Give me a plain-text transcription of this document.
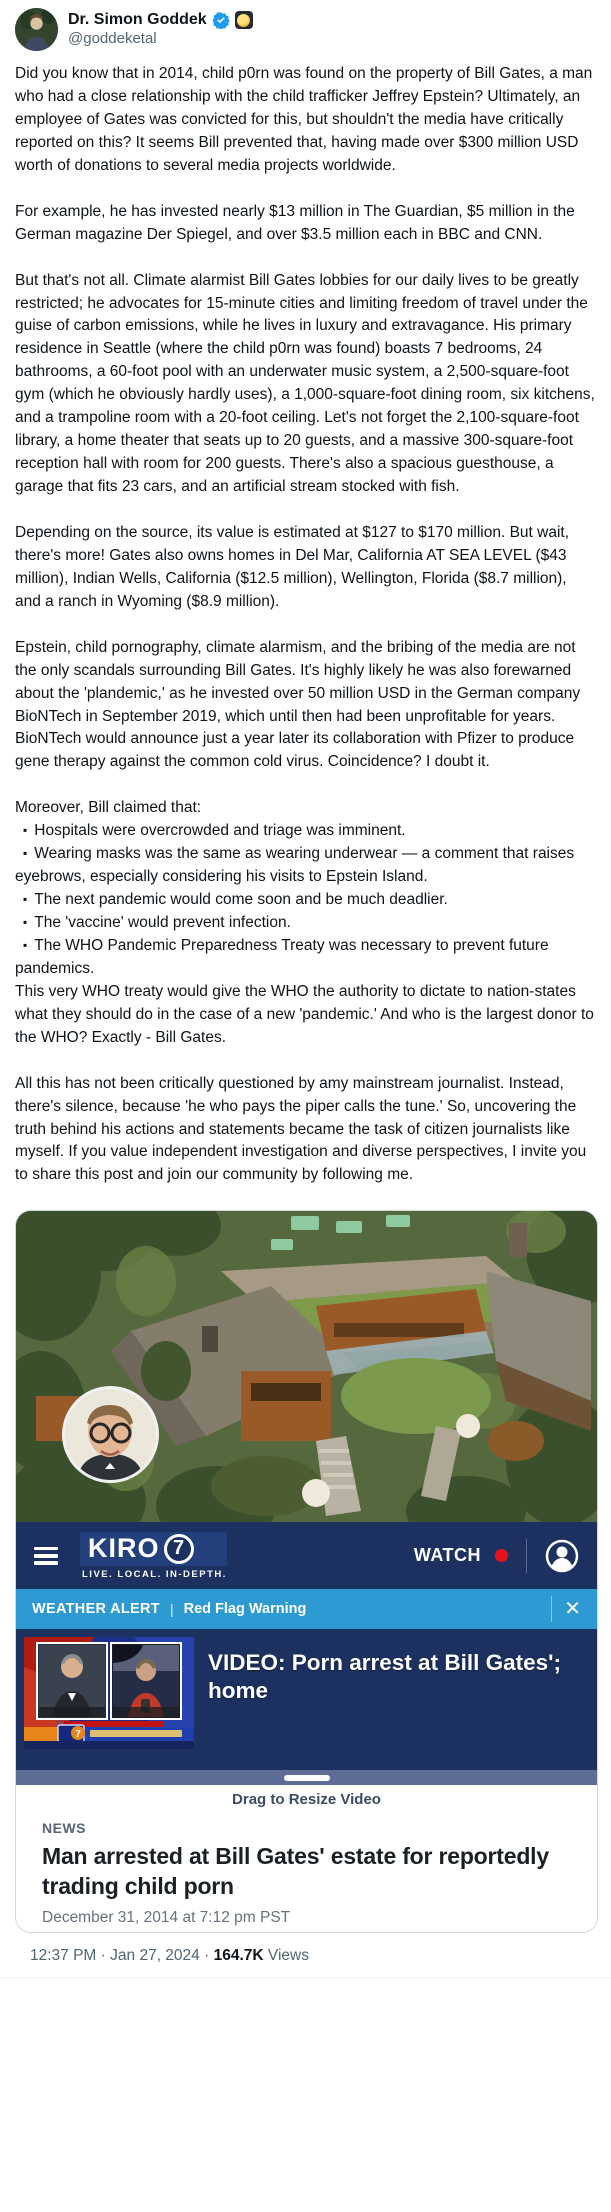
Dr. Simon Goddek
@goddeketal

Did you know that in 2014, child p0rn was found on the property of Bill Gates, a man who had a close relationship with the child trafficker Jeffrey Epstein? Ultimately, an employee of Gates was convicted for this, but shouldn't the media have critically reported on this? It seems Bill prevented that, having made over $300 million USD worth of donations to several media projects worldwide.

For example, he has invested nearly $13 million in The Guardian, $5 million in the German magazine Der Spiegel, and over $3.5 million each in BBC and CNN.

But that's not all. Climate alarmist Bill Gates lobbies for our daily lives to be greatly restricted; he advocates for 15-minute cities and limiting freedom of travel under the guise of carbon emissions, while he lives in luxury and extravagance. His primary residence in Seattle (where the child p0rn was found) boasts 7 bedrooms, 24 bathrooms, a 60-foot pool with an underwater music system, a 2,500-square-foot gym (which he obviously hardly uses), a 1,000-square-foot dining room, six kitchens, and a trampoline room with a 20-foot ceiling. Let's not forget the 2,100-square-foot library, a home theater that seats up to 20 guests, and a massive 300-square-foot reception hall with room for 200 guests. There's also a spacious guesthouse, a garage that fits 23 cars, and an artificial stream stocked with fish.

Depending on the source, its value is estimated at $127 to $170 million. But wait, there's more! Gates also owns homes in Del Mar, California AT SEA LEVEL ($43 million), Indian Wells, California ($12.5 million), Wellington, Florida ($8.7 million), and a ranch in Wyoming ($8.9 million).

Epstein, child pornography, climate alarmism, and the bribing of the media are not the only scandals surrounding Bill Gates. It's highly likely he was also forewarned about the 'plandemic,' as he invested over 50 million USD in the German company BioNTech in September 2019, which until then had been unprofitable for years. BioNTech would announce just a year later its collaboration with Pfizer to produce gene therapy against the common cold virus. Coincidence? I doubt it.

Moreover, Bill claimed that:

▪ Hospitals were overcrowded and triage was imminent.

▪ Wearing masks was the same as wearing underwear — a comment that raises eyebrows, especially considering his visits to Epstein Island.

▪ The next pandemic would come soon and be much deadlier.

▪ The 'vaccine' would prevent infection.

▪ The WHO Pandemic Preparedness Treaty was necessary to prevent future pandemics.

This very WHO treaty would give the WHO the authority to dictate to nation-states what they should do in the case of a new 'pandemic.' And who is the largest donor to the WHO? Exactly - Bill Gates.

All this has not been critically questioned by amy mainstream journalist. Instead, there's silence, because 'he who pays the piper calls the tune.' So, uncovering the truth behind his actions and statements became the task of citizen journalists like myself. If you value independent investigation and diverse perspectives, I invite you to share this post and join our community by following me.

KIRO 7
LIVE. LOCAL. IN-DEPTH.
WATCH
WEATHER ALERT | Red Flag Warning	✕
7
VIDEO: Porn arrest at Bill Gates'; home
Drag to Resize Video
NEWS
Man arrested at Bill Gates' estate for reportedly trading child porn
December 31, 2014 at 7:12 pm PST
12:37 PM · Jan 27, 2024 · 164.7K Views
